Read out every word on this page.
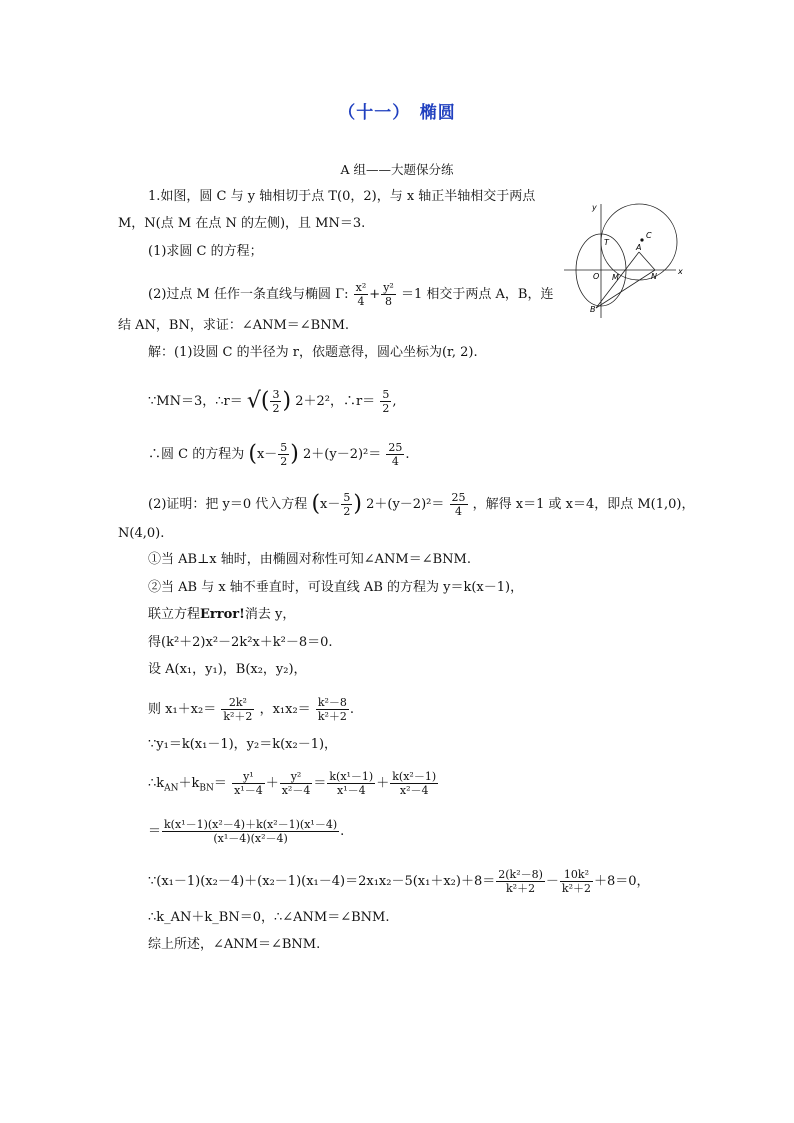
（十一）　椭圆
A 组——大题保分练
1.如图，圆 C 与 y 轴相切于点 T(0，2)，与 x 轴正半轴相交于两点
M，N(点 M 在点 N 的左侧)，且 MN＝3.
(1)求圆 C 的方程；
(2)过点 M 任作一条直线与椭圆 Γ: $\frac{\text{x²}}{4} + \frac{\text{y²}}{8} =1$ 相交于两点 A，B，连
结 AN，BN，求证：∠ANM＝∠BNM.
y
x
O
C
T
A
M	N
B
解：(1)设圆 C 的半径为 r，依题意得，圆心坐标为(r, 2).
∵MN＝3，∴r＝ √( $\frac{3}{2}$ ) 2＋2²，∴r＝ $\frac{5}{2}$ ,
∴圆 C 的方程为 ($x- \frac{5}{2}$ ) $2+(y-2)^2= \frac{25}{4}$ .
(2)证明：把 y＝0 代入方程 ($x- \frac{5}{2}$ ) $2+(y-2)^2= \frac{25}{4}$ ，解得 x＝1 或 x＝4，即点 M(1,0)，
N(4,0).
①当 AB⊥x 轴时，由椭圆对称性可知∠ANM＝∠BNM.
②当 AB 与 x 轴不垂直时，可设直线 AB 的方程为 y＝k(x－1)，
联立方程Error!消去 y，
得(k²＋2)x²－2k²x＋k²－8＝0.
设 A(x₁，y₁)，B(x₂，y₂)，
则 $x_1+x_2= \frac{\text{2k²}}{\text{k²＋2}}$ ，$x_1x_2= \frac{\text{k²－8}}{\text{k²＋2}}$ .
∵y₁＝k(x₁－1)，y₂＝k(x₂－1)，
$\therefore k_{AN}+k_{BN}= \frac{\text{y¹}}{\text{x¹－4}} + \frac{\text{y²}}{\text{x²－4}} = \frac{\text{k(x¹－1)}}{\text{x¹－4}} + \frac{\text{k(x²－1)}}{\text{x²－4}}$
＝ $\frac{\text{k(x¹－1)(x²－4)＋k(x²－1)(x¹－4)}}{\text{(x¹－4)(x²－4)}}$ .
∵(x₁－1)(x₂－4)＋(x₂－1)(x₁－4)＝2x₁x₂－5(x₁＋x₂)＋8＝ $\frac{\text{2(k²－8)}}{\text{k²＋2}} - \frac{\text{10k²}}{\text{k²＋2}} +8=0$，
∴k_AN＋k_BN＝0，∴∠ANM＝∠BNM.
综上所述，∠ANM＝∠BNM.
